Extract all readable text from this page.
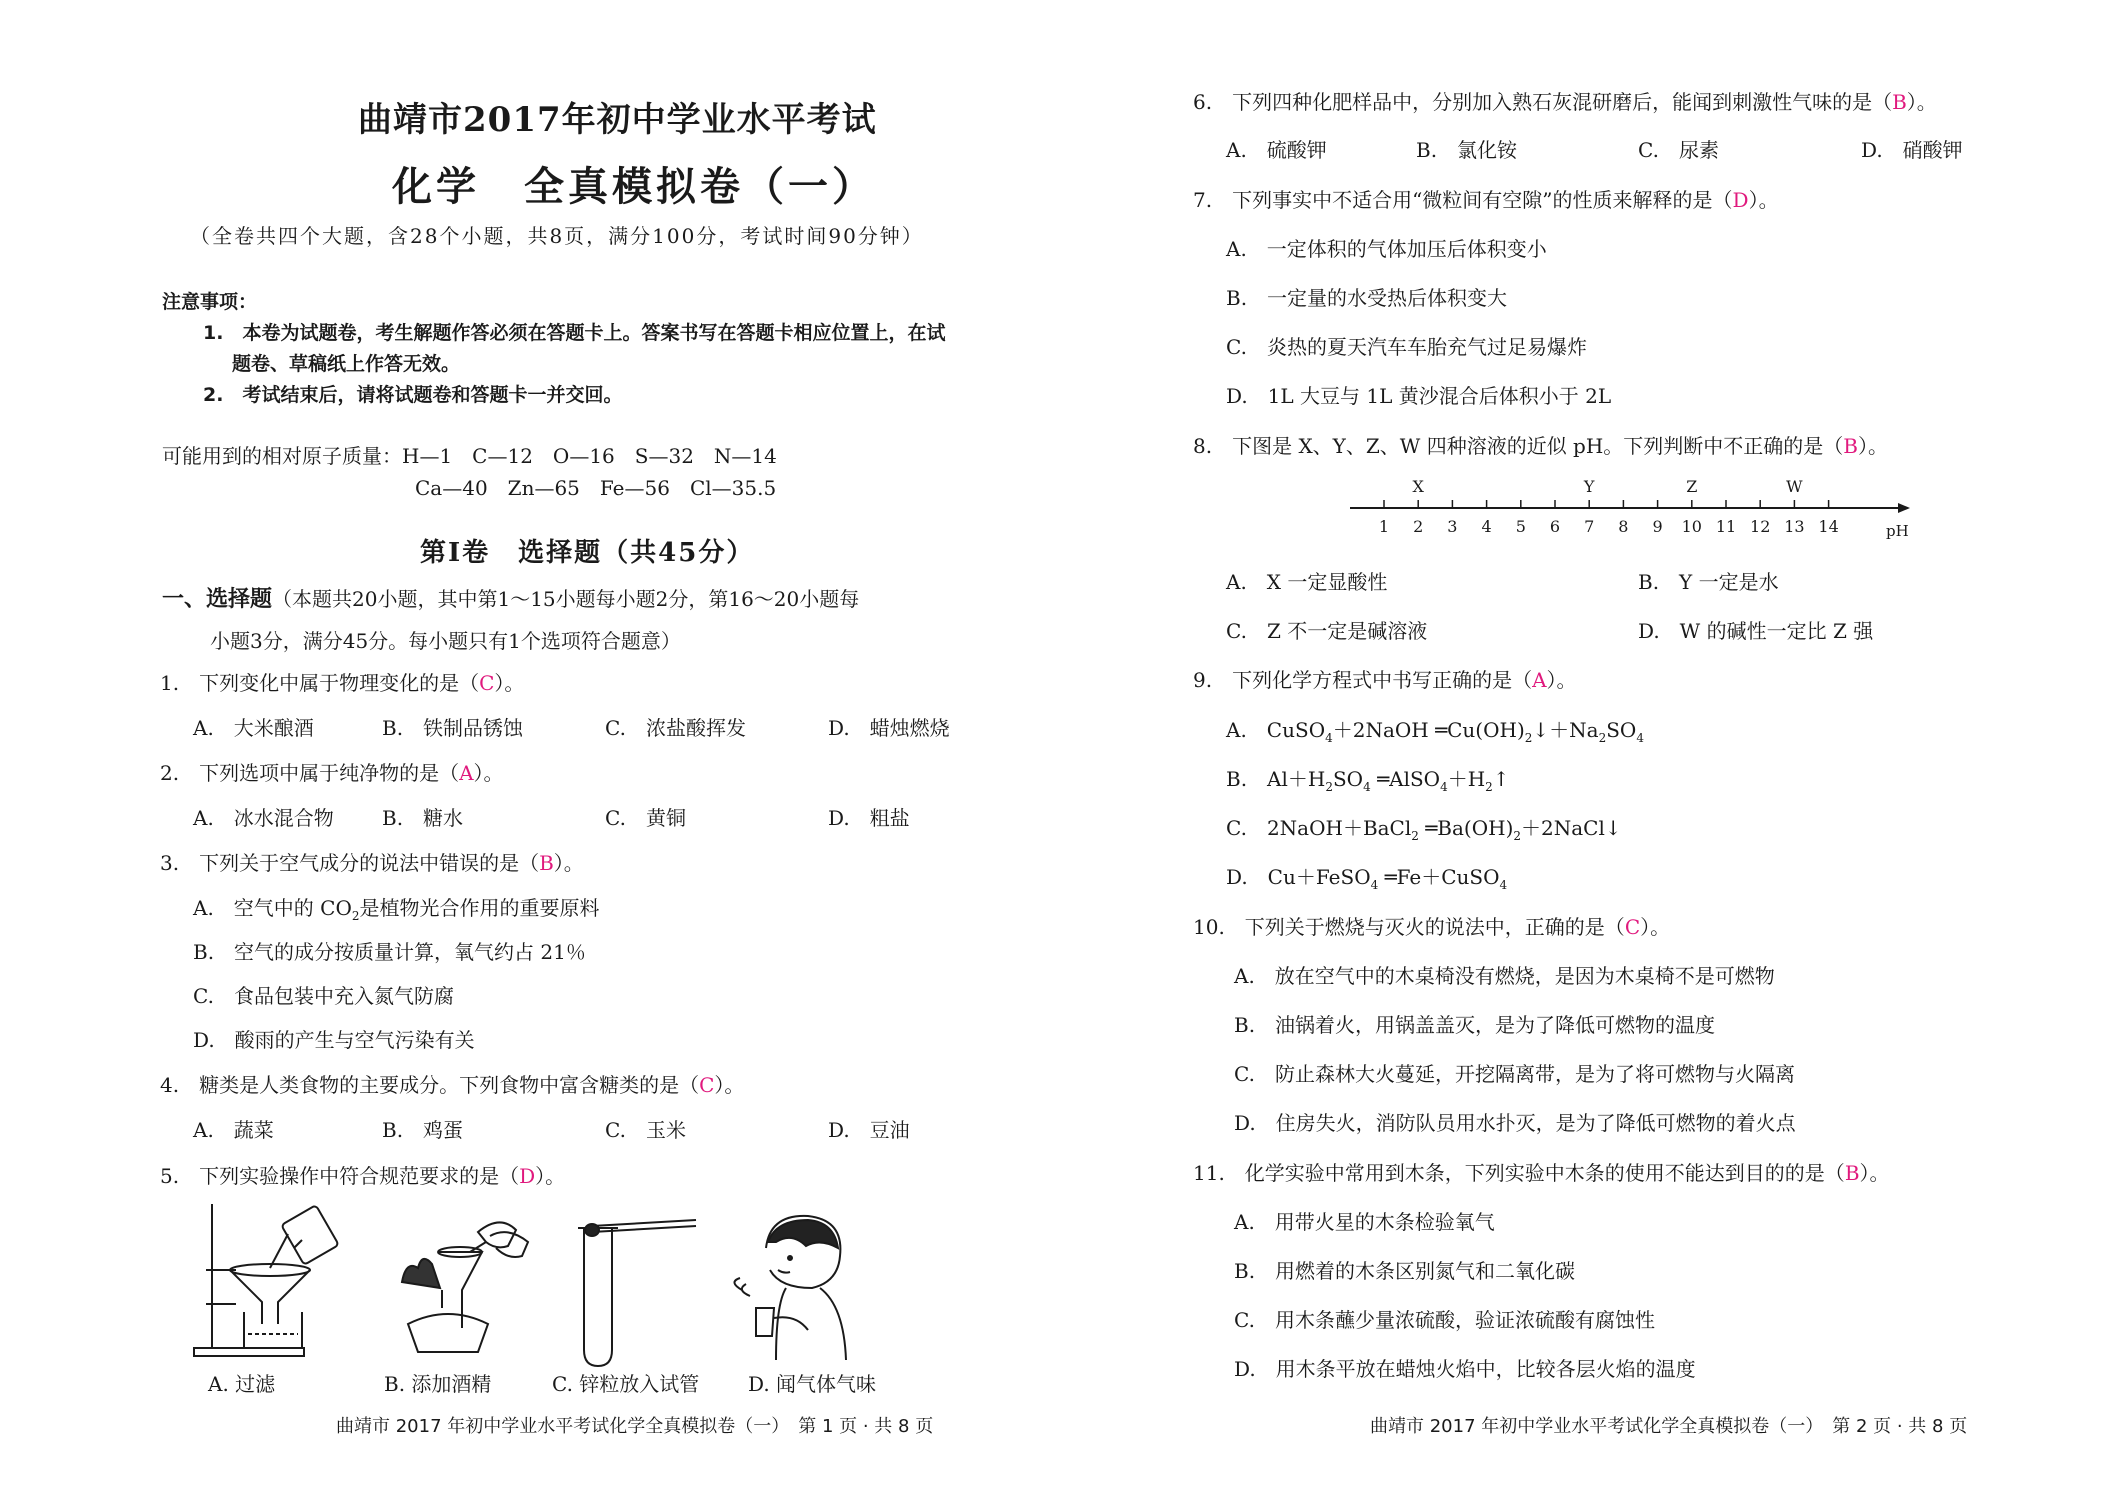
曲靖市2017年初中学业水平考试
化学　全真模拟卷（一）
（全卷共四个大题，含28个小题，共8页，满分100分，考试时间90分钟）
注意事项：
1.　本卷为试题卷，考生解题作答必须在答题卡上。答案书写在答题卡相应位置上，在试
题卷、草稿纸上作答无效。
2.　考试结束后，请将试题卷和答题卡一并交回。
可能用到的相对原子质量：H—1　C—12　O—16　S—32　N—14
Ca—40　Zn—65　Fe—56　Cl—35.5
第Ⅰ卷　选择题（共45分）
一、选择题（本题共20小题，其中第1～15小题每小题2分，第16～20小题每
小题3分，满分45分。每小题只有1个选项符合题意）
1.　下列变化中属于物理变化的是（C）。
A.　大米酿酒	B.　铁制品锈蚀	C.　浓盐酸挥发	D.　蜡烛燃烧
2.　下列选项中属于纯净物的是（A）。
A.　冰水混合物 B.　糖水	C.　黄铜	D.　粗盐
3.　下列关于空气成分的说法中错误的是（B）。
A.　空气中的 $CO_2$是植物光合作用的重要原料
B.　空气的成分按质量计算，氧气约占 21％
C.　食品包装中充入氮气防腐
D.　酸雨的产生与空气污染有关
4.　糖类是人类食物的主要成分。下列食物中富含糖类的是（C）。
A.　蔬菜	B.　鸡蛋	C.　玉米	D.　豆油
5.　下列实验操作中符合规范要求的是（D）。
A. 过滤	B. 添加酒精	C. 锌粒放入试管 D. 闻气体气味
曲靖市 2017 年初中学业水平考试化学全真模拟卷（一）　第 1 页 · 共 8 页
6.　下列四种化肥样品中，分别加入熟石灰混研磨后，能闻到刺激性气味的是（B）。
A.　硫酸钾	B.　氯化铵	C.　尿素	D.　硝酸钾
7.　下列事实中不适合用“微粒间有空隙”的性质来解释的是（D）。
A.　一定体积的气体加压后体积变小
B.　一定量的水受热后体积变大
C.　炎热的夏天汽车车胎充气过足易爆炸
D.　1L 大豆与 1L 黄沙混合后体积小于 2L
8.　下图是 X、Y、Z、W 四种溶液的近似 pH。下列判断中不正确的是（B）。
1 2 3 4 5 6 7 8 9 10 11 12 13 14
X	Y	Z	W
pH
A.　X 一定显酸性	B.　Y 一定是水
C.　Z 不一定是碱溶液	D.　W 的碱性一定比 Z 强
9.　下列化学方程式中书写正确的是（A）。
A.　CuSO$_4$＋2NaOH $═Cu(OH)_2↓+Na_2SO_4$
B.　$Al+H_2SO_4$ $═AlSO_4+H_2↑$
C.　2NaOH＋BaCl$_2$ $═Ba(OH)_2+2NaCl↓$
D.　Cu＋FeSO$_4$ ═Fe＋CuSO$_4$
10.　下列关于燃烧与灭火的说法中，正确的是（C）。
A.　放在空气中的木桌椅没有燃烧，是因为木桌椅不是可燃物
B.　油锅着火，用锅盖盖灭，是为了降低可燃物的温度
C.　防止森林大火蔓延，开挖隔离带，是为了将可燃物与火隔离
D.　住房失火，消防队员用水扑灭，是为了降低可燃物的着火点
11.　化学实验中常用到木条，下列实验中木条的使用不能达到目的的是（B）。
A.　用带火星的木条检验氧气
B.　用燃着的木条区别氮气和二氧化碳
C.　用木条蘸少量浓硫酸，验证浓硫酸有腐蚀性
D.　用木条平放在蜡烛火焰中，比较各层火焰的温度
曲靖市 2017 年初中学业水平考试化学全真模拟卷（一）　第 2 页 · 共 8 页
